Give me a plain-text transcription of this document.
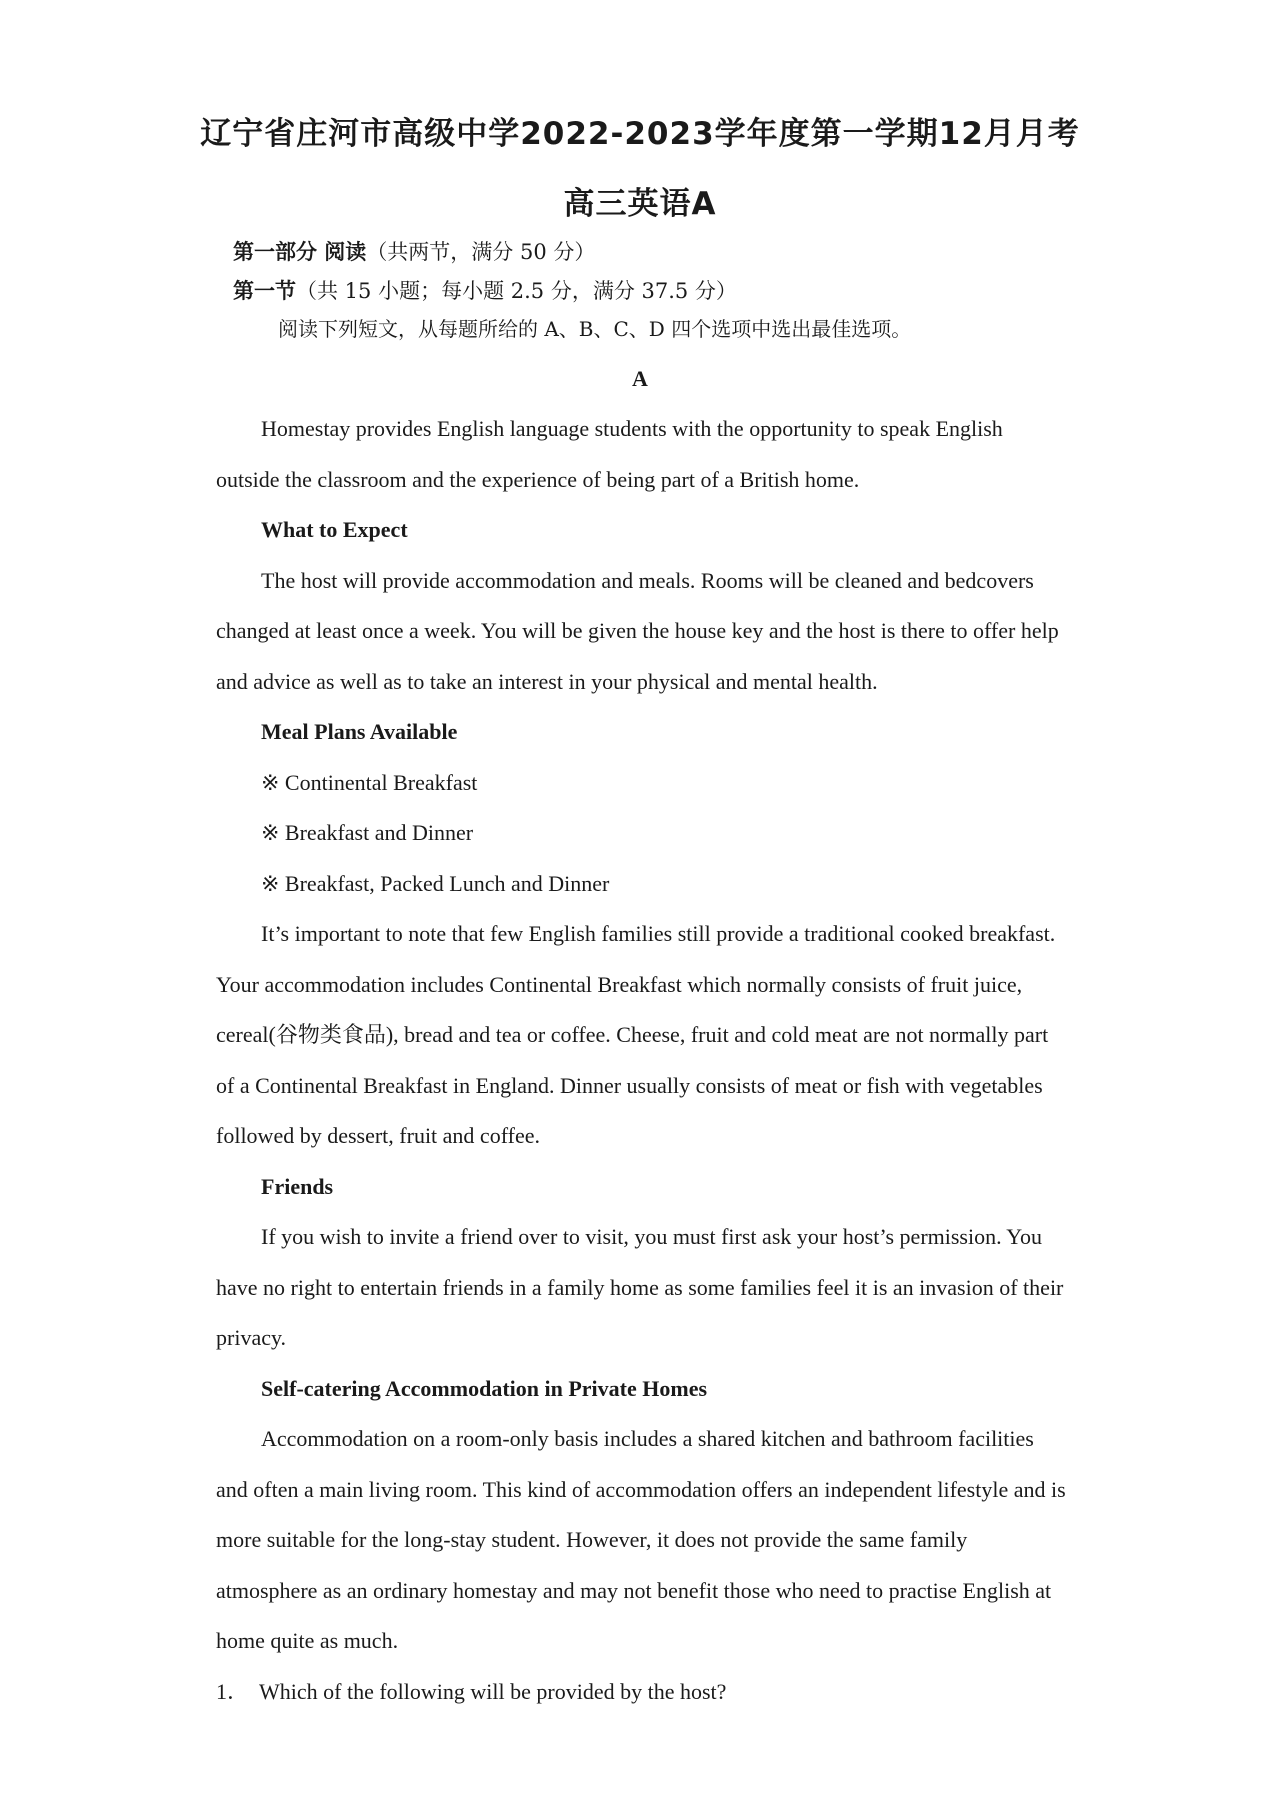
辽宁省庄河市高级中学2022-2023学年度第一学期12月月考
高三英语A
第一部分 阅读（共两节，满分 50 分）
第一节（共 15 小题；每小题 2.5 分，满分 37.5 分）
阅读下列短文，从每题所给的 A、B、C、D 四个选项中选出最佳选项。
A

Homestay provides English language students with the opportunity to speak English outside the classroom and the experience of being part of a British home.

What to Expect

The host will provide accommodation and meals. Rooms will be cleaned and bedcovers changed at least once a week. You will be given the house key and the host is there to offer help and advice as well as to take an interest in your physical and mental health.

Meal Plans Available

※ Continental Breakfast

※ Breakfast and Dinner

※ Breakfast, Packed Lunch and Dinner

It’s important to note that few English families still provide a traditional cooked breakfast. Your accommodation includes Continental Breakfast which normally consists of fruit juice, cereal(谷物类食品), bread and tea or coffee. Cheese, fruit and cold meat are not normally part of a Continental Breakfast in England. Dinner usually consists of meat or fish with vegetables followed by dessert, fruit and coffee.

Friends

If you wish to invite a friend over to visit, you must first ask your host’s permission. You have no right to entertain friends in a family home as some families feel it is an invasion of their privacy.

Self-catering Accommodation in Private Homes

Accommodation on a room-only basis includes a shared kitchen and bathroom facilities and often a main living room. This kind of accommodation offers an independent lifestyle and is more suitable for the long-stay student. However, it does not provide the same family atmosphere as an ordinary homestay and may not benefit those who need to practise English at home quite as much.

1． Which of the following will be provided by the host?
